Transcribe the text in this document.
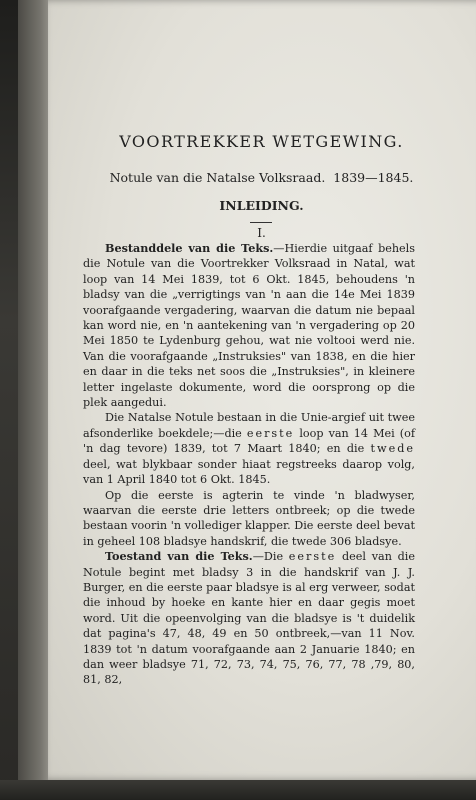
VOORTREKKER WETGEWING.

Notule van die Natalse Volksraad. 1839—1845.

INLEIDING.

I.

Bestanddele van die Teks.—Hierdie uitgaaf behels die Notule van die Voortrekker Volksraad in Natal, wat loop van 14 Mei 1839, tot 6 Okt. 1845, behoudens 'n bladsy van die „verrigtings van 'n aan die 14e Mei 1839 voorafgaande vergadering, waarvan die datum nie bepaal kan word nie, en 'n aantekening van 'n vergadering op 20 Mei 1850 te Lydenburg gehou, wat nie voltooi werd nie. Van die voorafgaande „Instruksies" van 1838, en die hier en daar in die teks net soos die „Instruksies", in kleinere letter ingelaste dokumente, word die oorsprong op die plek aangedui.

Die Natalse Notule bestaan in die Unie-argief uit twee afsonderlike boekdele;—die eerste loop van 14 Mei (of 'n dag tevore) 1839, tot 7 Maart 1840; en die twede deel, wat blykbaar sonder hiaat regstreeks daarop volg, van 1 April 1840 tot 6 Okt. 1845.

Op die eerste is agterin te vinde 'n bladwyser, waarvan die eerste drie letters ontbreek; op die twede bestaan voorin 'n vollediger klapper. Die eerste deel bevat in geheel 108 bladsye handskrif, die twede 306 bladsye.

Toestand van die Teks.—Die eerste deel van die Notule begint met bladsy 3 in die handskrif van J. J. Burger, en die eerste paar bladsye is al erg verweer, sodat die inhoud by hoeke en kante hier en daar gegis moet word. Uit die opeenvolging van die bladsye is 't duidelik dat pagina's 47, 48, 49 en 50 ontbreek,—van 11 Nov. 1839 tot 'n datum voorafgaande aan 2 Januarie 1840; en dan weer bladsye 71, 72, 73, 74, 75, 76, 77, 78 ,79, 80, 81, 82,
